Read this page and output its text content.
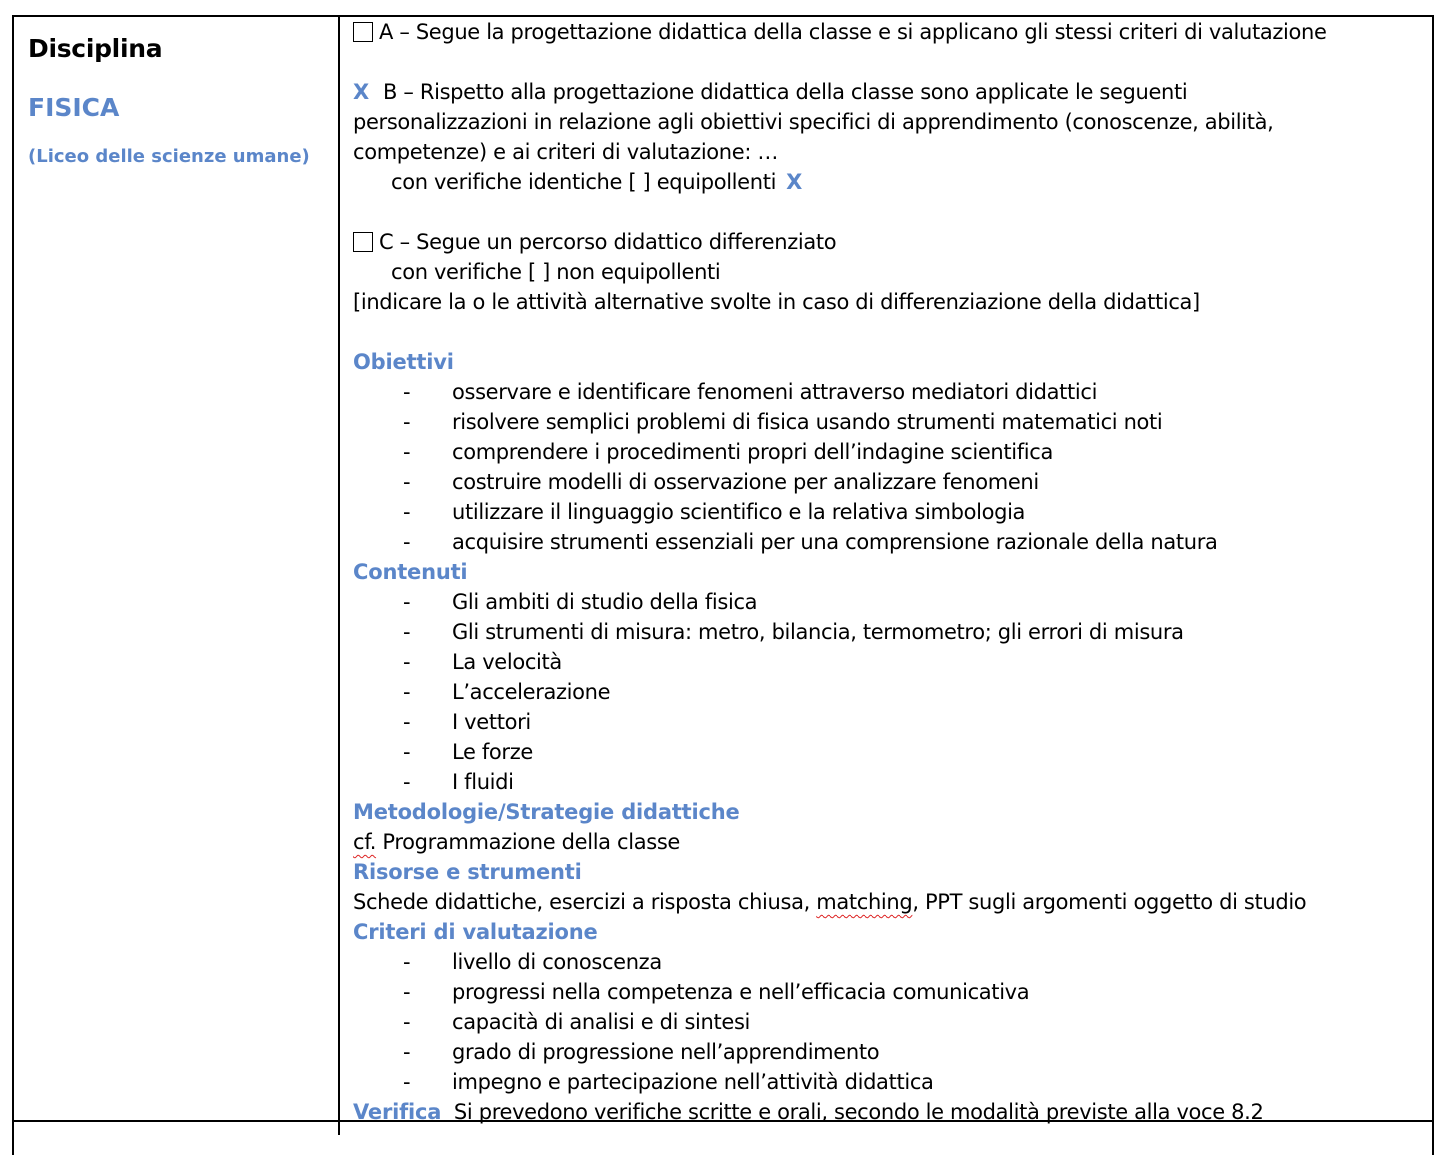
Disciplina
FISICA
(Liceo delle scienze umane)
A – Segue la progettazione didattica della classe e si applicano gli stessi criteri di valutazione
X B – Rispetto alla progettazione didattica della classe sono applicate le seguenti
personalizzazioni in relazione agli obiettivi specifici di apprendimento (conoscenze, abilità,
competenze) e ai criteri di valutazione: …
con verifiche identiche [ ] equipollenti X
C – Segue un percorso didattico differenziato
con verifiche [ ] non equipollenti
[indicare la o le attività alternative svolte in caso di differenziazione della didattica]
Obiettivi
-	osservare e identificare fenomeni attraverso mediatori didattici
-	risolvere semplici problemi di fisica usando strumenti matematici noti
-	comprendere i procedimenti propri dell’indagine scientifica
-	costruire modelli di osservazione per analizzare fenomeni
-	utilizzare il linguaggio scientifico e la relativa simbologia
-	acquisire strumenti essenziali per una comprensione razionale della natura
Contenuti
-	Gli ambiti di studio della fisica
-	Gli strumenti di misura: metro, bilancia, termometro; gli errori di misura
-	La velocità
-	L’accelerazione
-	I vettori
-	Le forze
-	I fluidi
Metodologie/Strategie didattiche
cf. Programmazione della classe
Risorse e strumenti
Schede didattiche, esercizi a risposta chiusa, matching, PPT sugli argomenti oggetto di studio
Criteri di valutazione
-	livello di conoscenza
-	progressi nella competenza e nell’efficacia comunicativa
-	capacità di analisi e di sintesi
-	grado di progressione nell’apprendimento
-	impegno e partecipazione nell’attività didattica
Verifica Si prevedono verifiche scritte e orali, secondo le modalità previste alla voce 8.2
